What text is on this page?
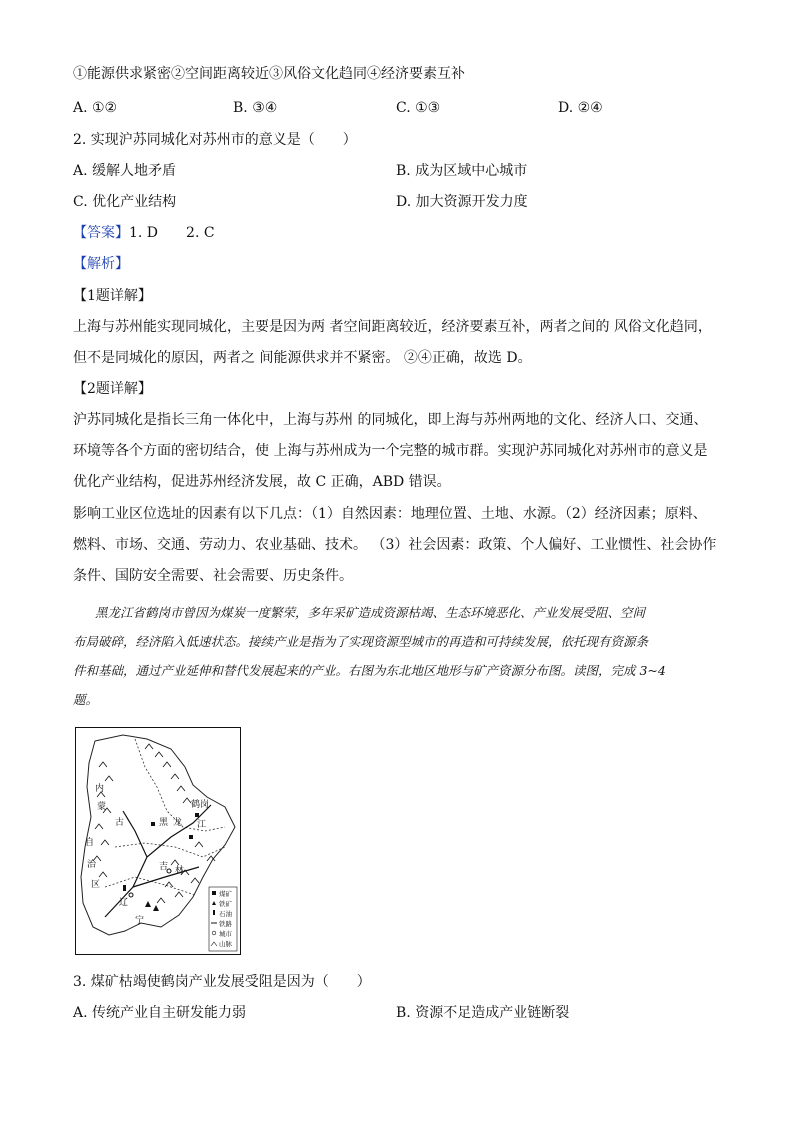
①能源供求紧密②空间距离较近③风俗文化趋同④经济要素互补
A. ①②	B. ③④	C. ①③	D. ②④
2. 实现沪苏同城化对苏州市的意义是（　　）
A. 缓解人地矛盾	B. 成为区域中心城市
C. 优化产业结构	D. 加大资源开发力度
【答案】1. D　　2. C
【解析】
【1题详解】
上海与苏州能实现同城化，主要是因为两 者空间距离较近，经济要素互补，两者之间的 风俗文化趋同，
但不是同城化的原因，两者之 间能源供求并不紧密。 ②④正确，故选 D。
【2题详解】
沪苏同城化是指长三角一体化中，上海与苏州 的同城化，即上海与苏州两地的文化、经济人口、交通、
环境等各个方面的密切结合，使 上海与苏州成为一个完整的城市群。实现沪苏同城化对苏州市的意义是
优化产业结构，促进苏州经济发展，故 C 正确，ABD 错误。
影响工业区位选址的因素有以下几点：（1）自然因素：地理位置、土地、水源。（2）经济因素；原料、
燃料、市场、交通、劳动力、农业基础、技术。 （3）社会因素：政策、个人偏好、工业惯性、社会协作
条件、国防安全需要、社会需要、历史条件。
黑龙江省鹤岗市曾因为煤炭一度繁荣，多年采矿造成资源枯竭、生态环境恶化、产业发展受阻、空间
布局破碎，经济陷入低速状态。接续产业是指为了实现资源型城市的再造和可持续发展，依托现有资源条
件和基础，通过产业延伸和替代发展起来的产业。右图为东北地区地形与矿产资源分布图。读图，完成 3~4
题。
内
蒙
古
自
治
区
鹤岗
黑 龙 江
吉 林
辽
宁
煤矿
铁矿
石油
铁路
城市
山脉
3. 煤矿枯竭使鹤岗产业发展受阻是因为（　　）
A. 传统产业自主研发能力弱	B. 资源不足造成产业链断裂
